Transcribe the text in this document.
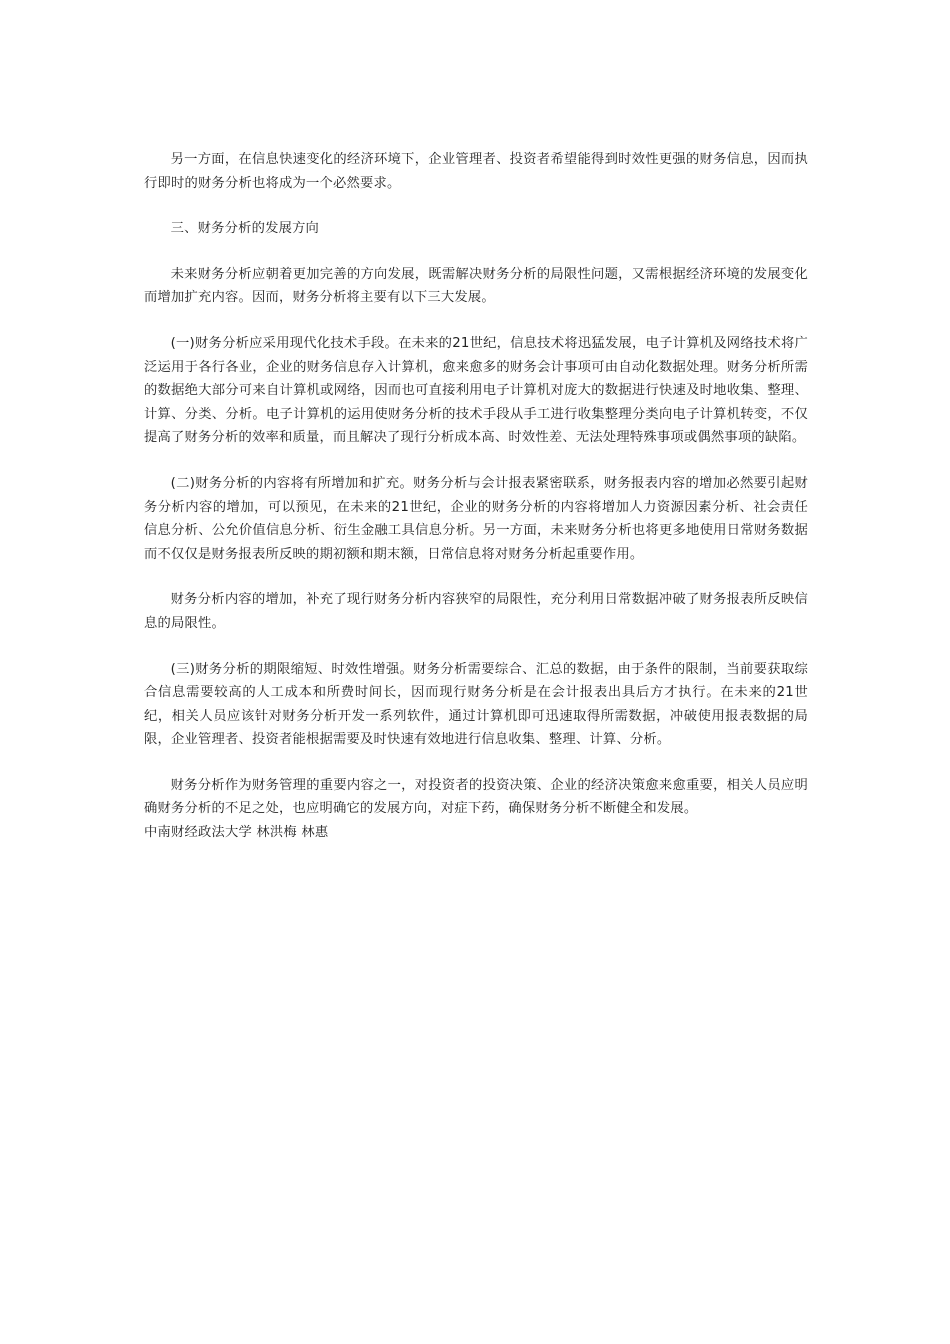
另一方面，在信息快速变化的经济环境下，企业管理者、投资者希望能得到时效性更强的财务信息，因而执行即时的财务分析也将成为一个必然要求。

三、财务分析的发展方向

未来财务分析应朝着更加完善的方向发展，既需解决财务分析的局限性问题，又需根据经济环境的发展变化而增加扩充内容。因而，财务分析将主要有以下三大发展。

(一)财务分析应采用现代化技术手段。在未来的21世纪，信息技术将迅猛发展，电子计算机及网络技术将广泛运用于各行各业，企业的财务信息存入计算机，愈来愈多的财务会计事项可由自动化数据处理。财务分析所需的数据绝大部分可来自计算机或网络，因而也可直接利用电子计算机对庞大的数据进行快速及时地收集、整理、计算、分类、分析。电子计算机的运用使财务分析的技术手段从手工进行收集整理分类向电子计算机转变，不仅提高了财务分析的效率和质量，而且解决了现行分析成本高、时效性差、无法处理特殊事项或偶然事项的缺陷。

(二)财务分析的内容将有所增加和扩充。财务分析与会计报表紧密联系，财务报表内容的增加必然要引起财务分析内容的增加，可以预见，在未来的21世纪，企业的财务分析的内容将增加人力资源因素分析、社会责任信息分析、公允价值信息分析、衍生金融工具信息分析。另一方面，未来财务分析也将更多地使用日常财务数据而不仅仅是财务报表所反映的期初额和期末额，日常信息将对财务分析起重要作用。

财务分析内容的增加，补充了现行财务分析内容狭窄的局限性，充分利用日常数据冲破了财务报表所反映信息的局限性。

(三)财务分析的期限缩短、时效性增强。财务分析需要综合、汇总的数据，由于条件的限制，当前要获取综合信息需要较高的人工成本和所费时间长，因而现行财务分析是在会计报表出具后方才执行。在未来的21世纪，相关人员应该针对财务分析开发一系列软件，通过计算机即可迅速取得所需数据，冲破使用报表数据的局限，企业管理者、投资者能根据需要及时快速有效地进行信息收集、整理、计算、分析。

财务分析作为财务管理的重要内容之一，对投资者的投资决策、企业的经济决策愈来愈重要，相关人员应明确财务分析的不足之处，也应明确它的发展方向，对症下药，确保财务分析不断健全和发展。

中南财经政法大学 林洪梅 林惠
